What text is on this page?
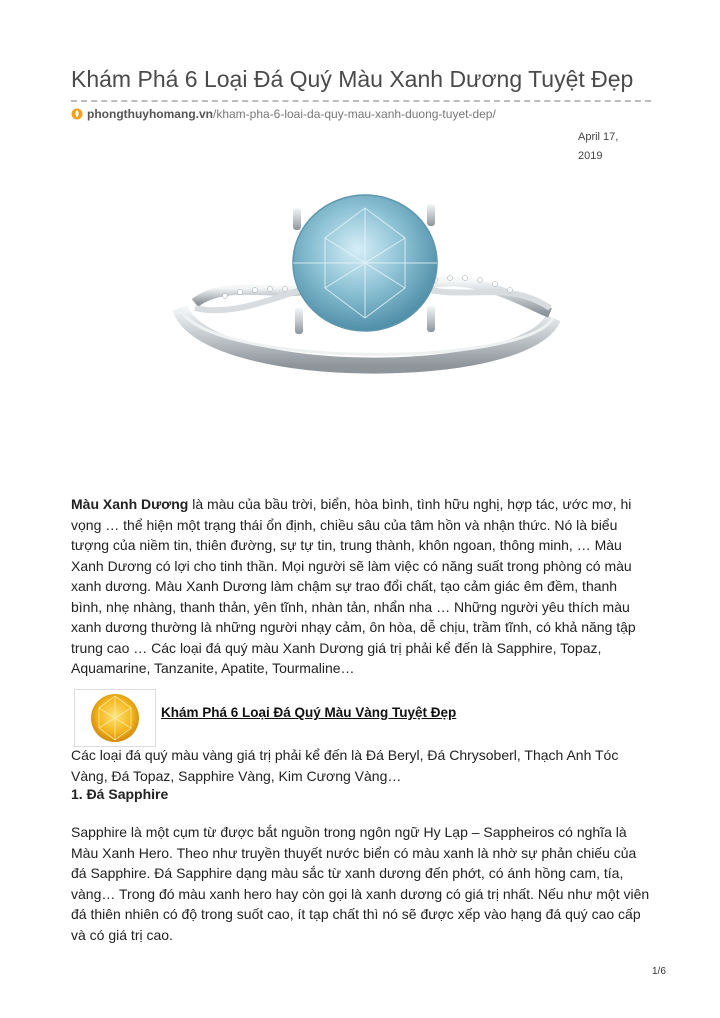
Khám Phá 6 Loại Đá Quý Màu Xanh Dương Tuyệt Đẹp
phongthuyhomang.vn/kham-pha-6-loai-da-quy-mau-xanh-duong-tuyet-dep/
April 17, 2019

Màu Xanh Dương là màu của bầu trời, biển, hòa bình, tình hữu nghị, hợp tác, ước mơ, hi vọng … thể hiện một trạng thái ổn định, chiều sâu của tâm hồn và nhận thức. Nó là biểu tượng của niềm tin, thiên đường, sự tự tin, trung thành, khôn ngoan, thông minh, … Màu Xanh Dương có lợi cho tinh thần. Mọi người sẽ làm việc có năng suất trong phòng có màu xanh dương. Màu Xanh Dương làm chậm sự trao đổi chất, tạo cảm giác êm đềm, thanh bình, nhẹ nhàng, thanh thản, yên tĩnh, nhàn tản, nhẩn nha … Những người yêu thích màu xanh dương thường là những người nhạy cảm, ôn hòa, dễ chịu, trầm tĩnh, có khả năng tập trung cao … Các loại đá quý màu Xanh Dương giá trị phải kể đến là Sapphire, Topaz, Aquamarine, Tanzanite, Apatite, Tourmaline…

Khám Phá 6 Loại Đá Quý Màu Vàng Tuyệt Đẹp

Các loại đá quý màu vàng giá trị phải kể đến là Đá Beryl, Đá Chrysoberl, Thạch Anh Tóc Vàng, Đá Topaz, Sapphire Vàng, Kim Cương Vàng…

1. Đá Sapphire

Sapphire là một cụm từ được bắt nguồn trong ngôn ngữ Hy Lạp – Sappheiros có nghĩa là Màu Xanh Hero. Theo như truyền thuyết nước biển có màu xanh là nhờ sự phản chiếu của đá Sapphire. Đá Sapphire dạng màu sắc từ xanh dương đến phớt, có ánh hồng cam, tía, vàng… Trong đó màu xanh hero hay còn gọi là xanh dương có giá trị nhất. Nếu như một viên đá thiên nhiên có độ trong suốt cao, ít tạp chất thì nó sẽ được xếp vào hạng đá quý cao cấp và có giá trị cao.

1/6
